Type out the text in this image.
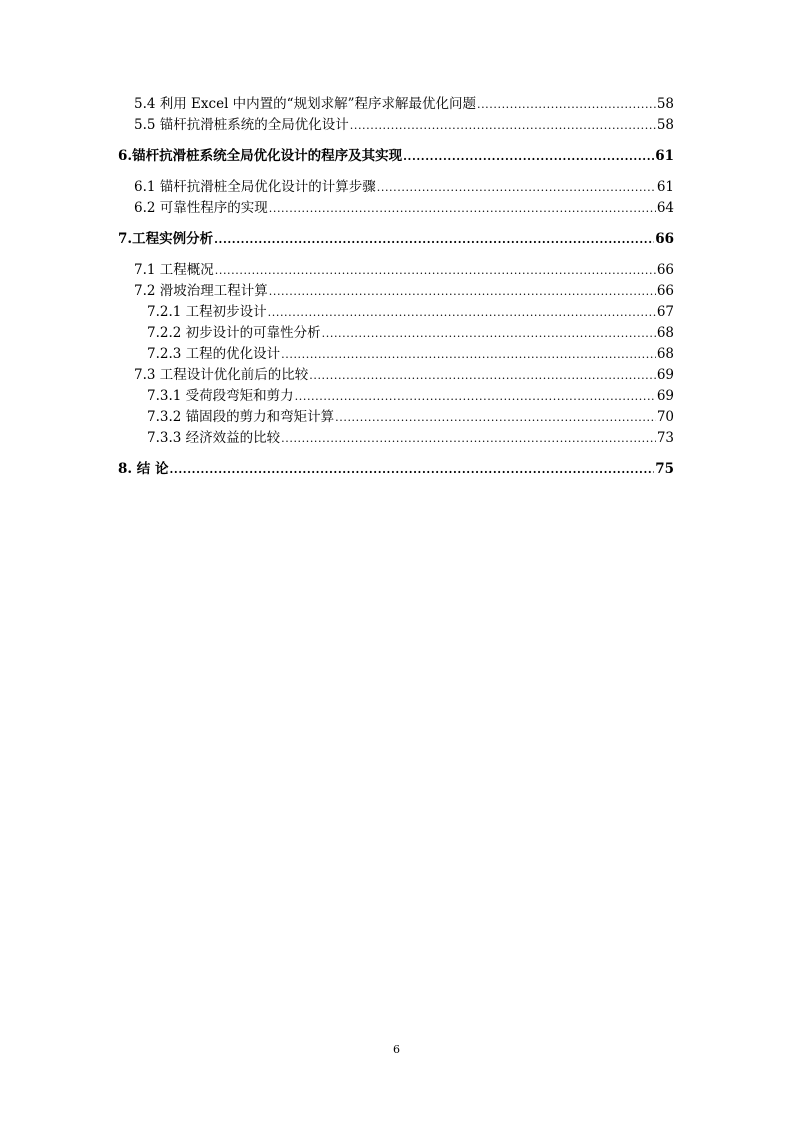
5.4 利用 Excel 中内置的“规划求解”程序求解最优化问题 .....	58
5.5 锚杆抗滑桩系统的全局优化设计 .....	58
6.锚杆抗滑桩系统全局优化设计的程序及其实现 .....	61
6.1 锚杆抗滑桩全局优化设计的计算步骤 .....	61
6.2 可靠性程序的实现 .....	64
7.工程实例分析 .....	66
7.1 工程概况 .....	66
7.2 滑坡治理工程计算 .....	66
7.2.1 工程初步设计 .....	67
7.2.2 初步设计的可靠性分析 .....	68
7.2.3 工程的优化设计 .....	68
7.3 工程设计优化前后的比较 .....	69
7.3.1 受荷段弯矩和剪力 .....	69
7.3.2 锚固段的剪力和弯矩计算 .....	70
7.3.3 经济效益的比较 .....	73
8. 结 论 .....	75
6
